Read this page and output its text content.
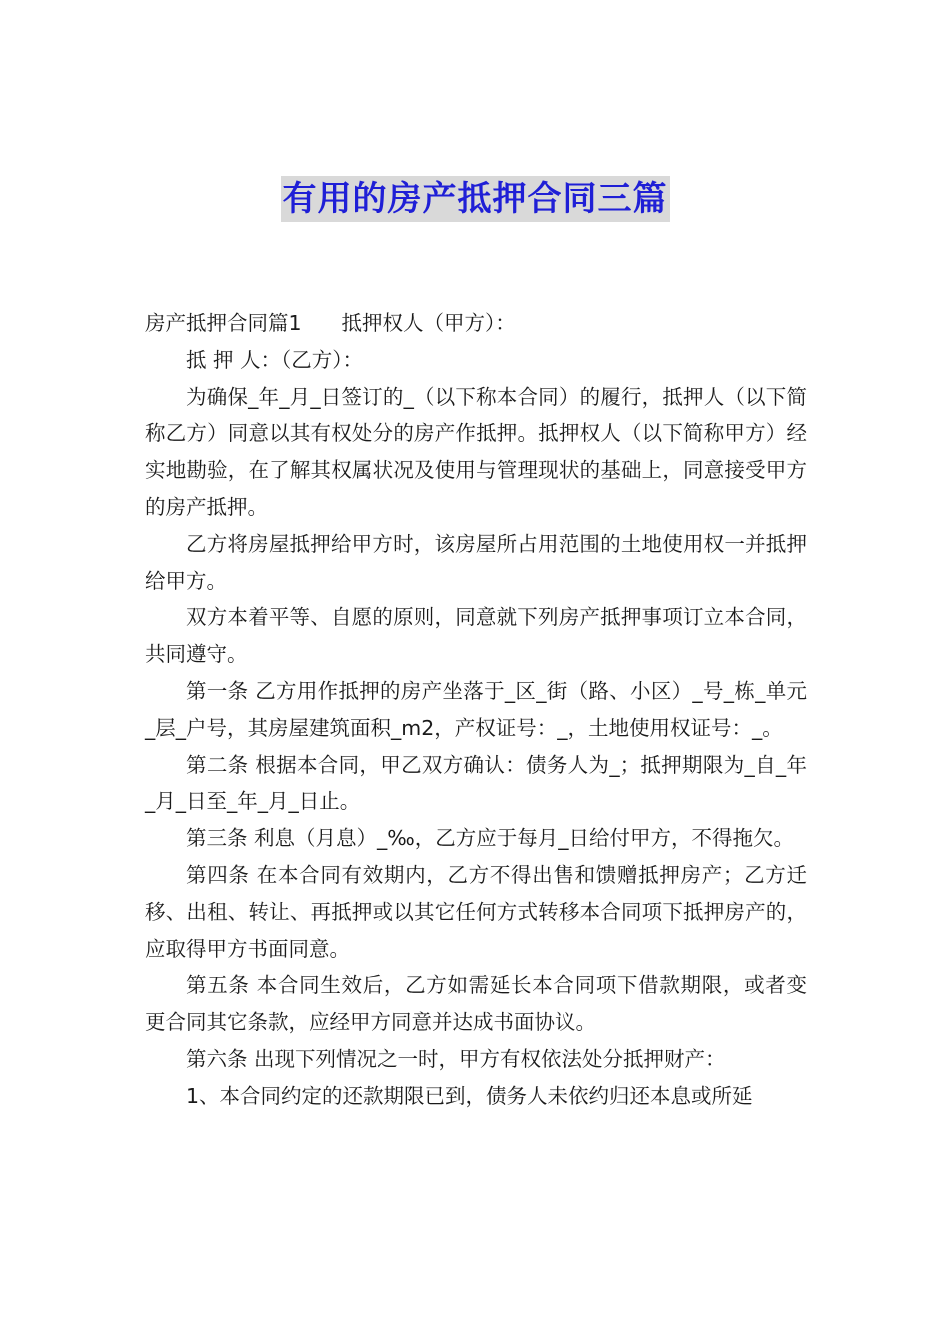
有用的房产抵押合同三篇

房产抵押合同篇1 抵押权人（甲方）：

抵 押 人：（乙方）：

为确保_年_月_日签订的_（以下称本合同）的履行，抵押人（以下简称乙方）同意以其有权处分的房产作抵押。抵押权人（以下简称甲方）经实地勘验，在了解其权属状况及使用与管理现状的基础上，同意接受甲方的房产抵押。

乙方将房屋抵押给甲方时，该房屋所占用范围的土地使用权一并抵押给甲方。

双方本着平等、自愿的原则，同意就下列房产抵押事项订立本合同，共同遵守。

第一条 乙方用作抵押的房产坐落于_区_街（路、小区）_号_栋_单元_层_户号，其房屋建筑面积_m2，产权证号：_，土地使用权证号：_。

第二条 根据本合同，甲乙双方确认：债务人为_；抵押期限为_自_年_月_日至_年_月_日止。

第三条 利息（月息）_‰，乙方应于每月_日给付甲方，不得拖欠。

第四条 在本合同有效期内，乙方不得出售和馈赠抵押房产；乙方迁移、出租、转让、再抵押或以其它任何方式转移本合同项下抵押房产的，应取得甲方书面同意。

第五条 本合同生效后，乙方如需延长本合同项下借款期限，或者变更合同其它条款，应经甲方同意并达成书面协议。

第六条 出现下列情况之一时，甲方有权依法处分抵押财产：

1、本合同约定的还款期限已到，债务人未依约归还本息或所延
